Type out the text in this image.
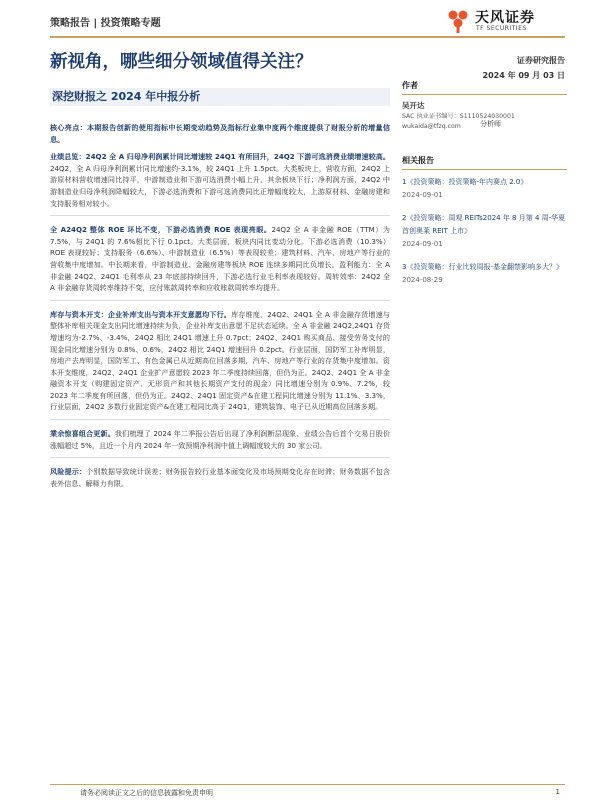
策略报告 | 投资策略专题	天风证券
TF SECURITIES
新视角，哪些细分领域值得关注？	证券研究报告
2024 年 09 月 03 日
深挖财报之 2024 年中报分析

核心亮点：本期报告创新的使用指标中长期变动趋势及指标行业集中度两个维度提供了财报分析的增量信息。

业绩总览：24Q2 全 A 归母净利润累计同比增速较 24Q1 有所回升，24Q2 下游可选消费业绩增速较高。24Q2，全 A 归母净利润累计同比增速约-3.1%，较 24Q1 上升 1.5pct。大类板块上，营收方面，24Q2 上游原材料营收增速同比持平，中游制造业和下游可选消费小幅上升，其余板块下行；净利润方面，24Q2 中游制造业归母净利润降幅较大，下游必选消费和下游可选消费同比正增幅度较大，上游原材料、金融房建和支持服务相对较小。

全 A24Q2 整体 ROE 环比不变，下游必选消费 ROE 表现亮眼。24Q2 全 A 非金融 ROE（TTM）为 7.5%，与 24Q1 的 7.6%相比下行 0.1pct。大类层面，板块内同比变动分化。下游必选消费（10.3%）ROE 表现较好；支持服务（6.6%）、中游制造业（6.5%）等表现较差；建筑材料、汽车、房地产等行业的营收集中度增加。中长期来看，中游制造业、金融房建等板块 ROE 连续多期同比负增长。盈利能力：全 A 非金融 24Q2、24Q1 毛利率从 23 年底部持续回升，下游必选行业毛利率表现较好。周转效率：24Q2 全 A 非金融存货周转率维持不变，应付账款周转率和应收账款周转率均提升。

库存与资本开支：企业补库支出与资本开支意愿均下行。库存维度，24Q2、24Q1 全 A 非金融存货增速与整体补库相关现金支出同比增速持续为负，企业补库支出意愿不足状态延续。全 A 非金融 24Q2,24Q1 存货增速均为-2.7%、-3.4%，24Q2 相比 24Q1 增速上升 0.7pct；24Q2、24Q1 购买商品、接受劳务支付的现金同比增速分别为 0.8%、0.6%，24Q2 相比 24Q1 增速回升 0.2pct。行业层面，国防军工补库明显，房地产去库明显，国防军工、有色金属已从近期高位回落多期，汽车、房地产等行业的存货集中度增加。资本开支维度，24Q2、24Q1 企业扩产意愿较 2023 年二季度持续回落，但仍为正。24Q2、24Q1 全 A 非金融资本开支（购建固定资产、无形资产和其他长期资产支付的现金）同比增速分别为 0.9%、7.2%，较 2023 年二季度有所回落，但仍为正。24Q2、24Q1 固定资产&在建工程同比增速分别为 11.1%、3.3%，行业层面，24Q2 多数行业固定资产&在建工程同比高于 24Q1，建筑装饰、电子已从近期高位回落多期。

業余惊喜组合更新。我们梳理了 2024 年二季报公告后出现了净利润断层现象、业绩公告后首个交易日股价涨幅超过 5%，且近一个月内 2024 年一致预期净利润中值上调幅度较大的 30 家公司。

风险提示：个别数据导致统计误差；财务报告较行业基本面变化及市场预期变化存在时滞；财务数据不包含表外信息、解释力有限。

作者
吴开达
分析师
SAC 执业证书编号：S1110524030001
wukaida@tfzq.com
相关报告
1《投资策略：投资策略-年内赛点 2.0》
2024-09-01
2《投资策略：周观 REITs2024 年 8 月第 4 周-华夏首创奥莱 REIT 上市》
2024-09-01
3《投资策略：行业比较周报-基金翻禁影响多大？》
2024-08-29
请务必阅读正文之后的信息披露和免责申明	1
